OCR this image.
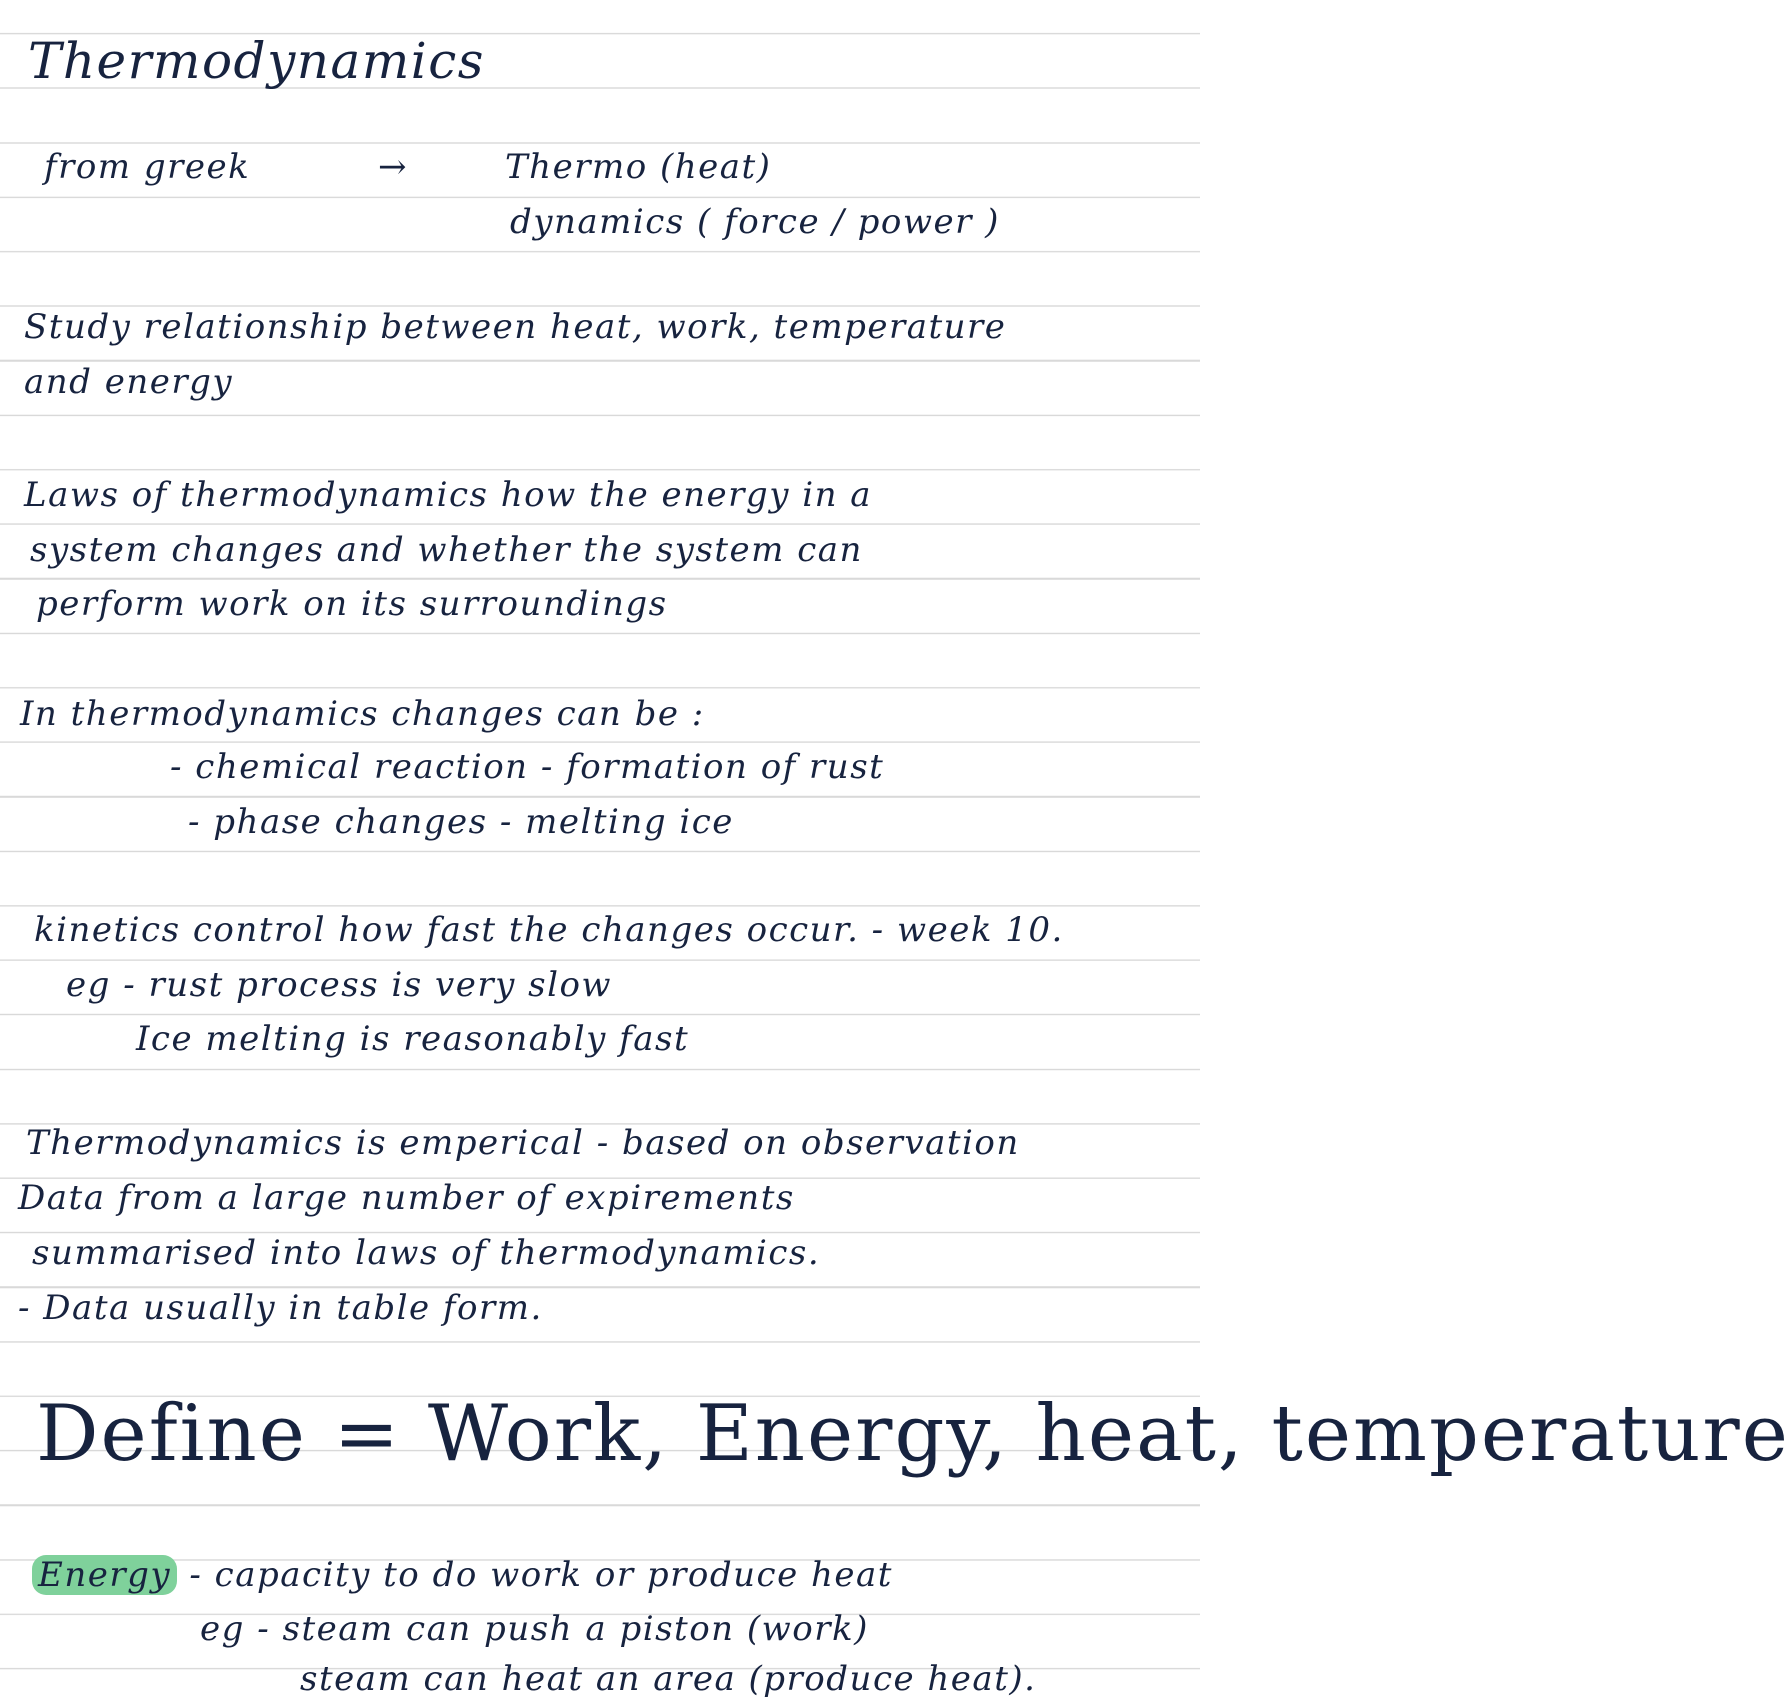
Thermodynamics
from greek	→	Thermo (heat)
dynamics ( force / power )
Study relationship between heat, work, temperature
and energy
Laws of thermodynamics how the energy in a
system changes and whether the system can
perform work on its surroundings
In thermodynamics changes can be :
- chemical reaction - formation of rust
- phase changes - melting ice
kinetics control how fast the changes occur. - week 10.
eg - rust process is very slow
Ice melting is reasonably fast
Thermodynamics is emperical - based on observation
Data from a large number of expirements
summarised into laws of thermodynamics.
- Data usually in table form.
Define = Work, Energy, heat, temperature
Energy - capacity to do work or produce heat
eg - steam can push a piston (work)
steam can heat an area (produce heat).
